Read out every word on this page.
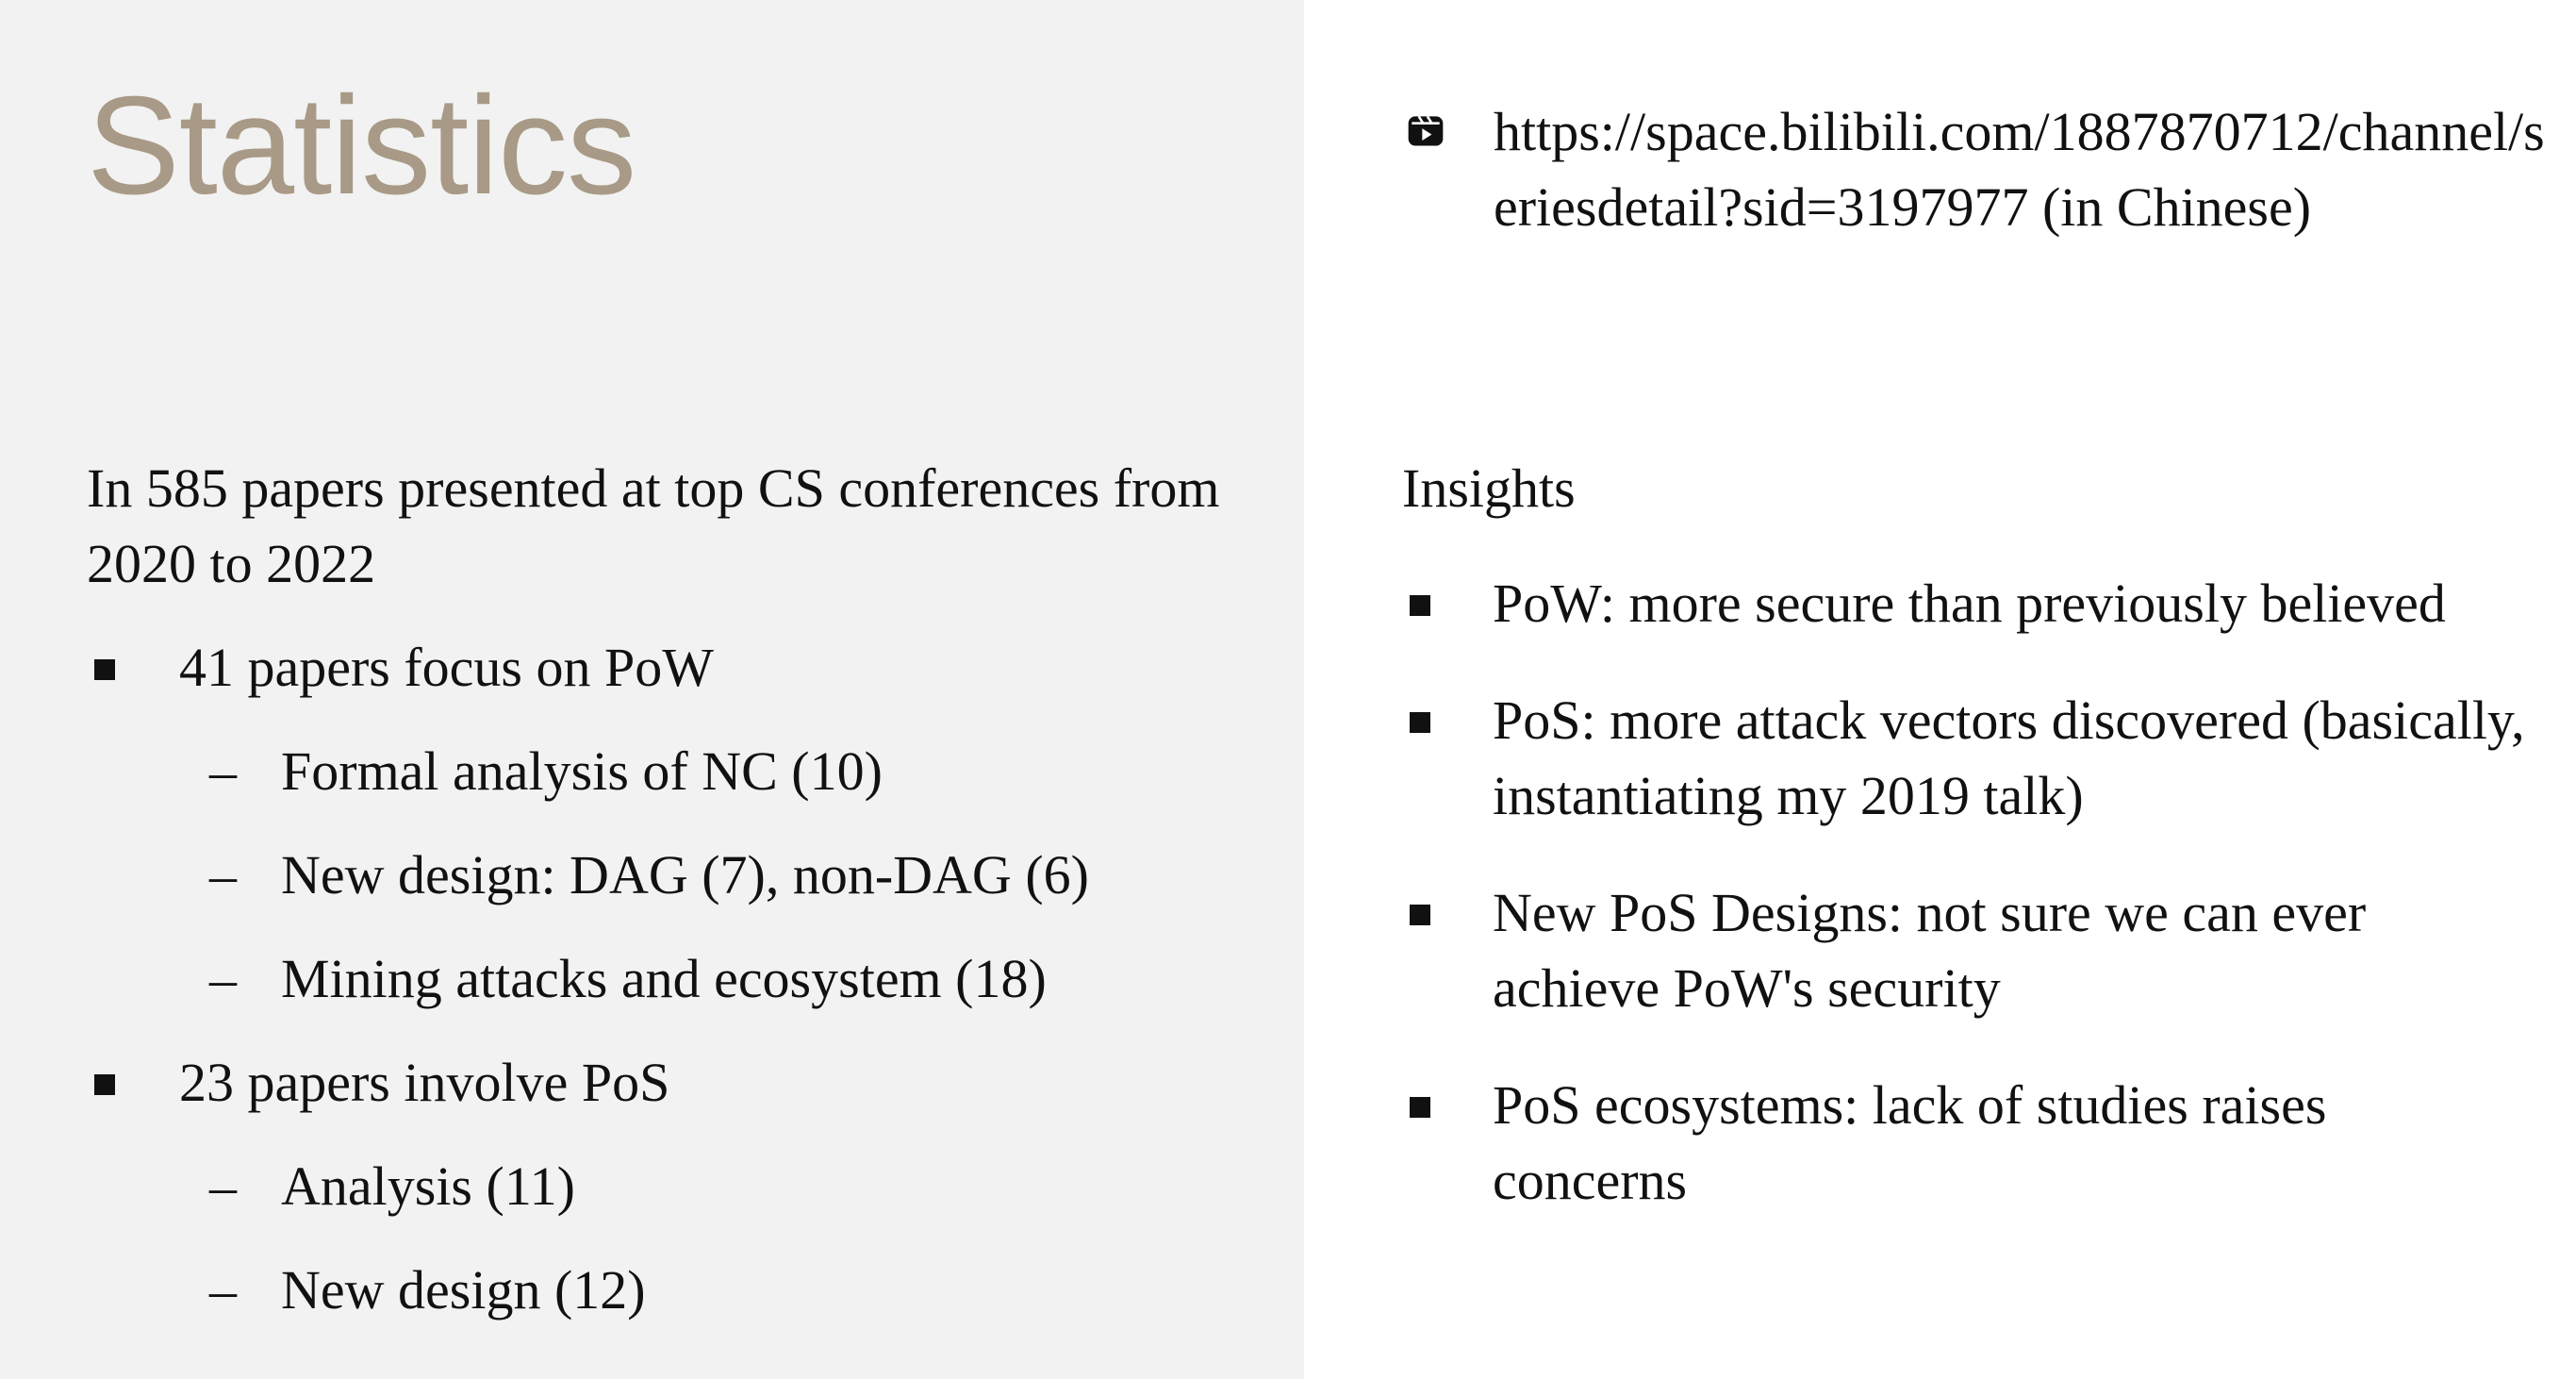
Statistics

In 585 papers presented at top CS conferences from 2020 to 2022

41 papers focus on PoW
– Formal analysis of NC (10)
– New design: DAG (7), non-DAG (6)
– Mining attacks and ecosystem (18)
23 papers involve PoS
– Analysis (11)
– New design (12)
https://space.bilibili.com/1887870712/channel/seriesdetail?sid=3197977 (in Chinese)
Insights
PoW: more secure than previously believed
PoS: more attack vectors discovered (basically, instantiating my 2019 talk)
New PoS Designs: not sure we can ever achieve PoW's security
PoS ecosystems: lack of studies raises concerns
